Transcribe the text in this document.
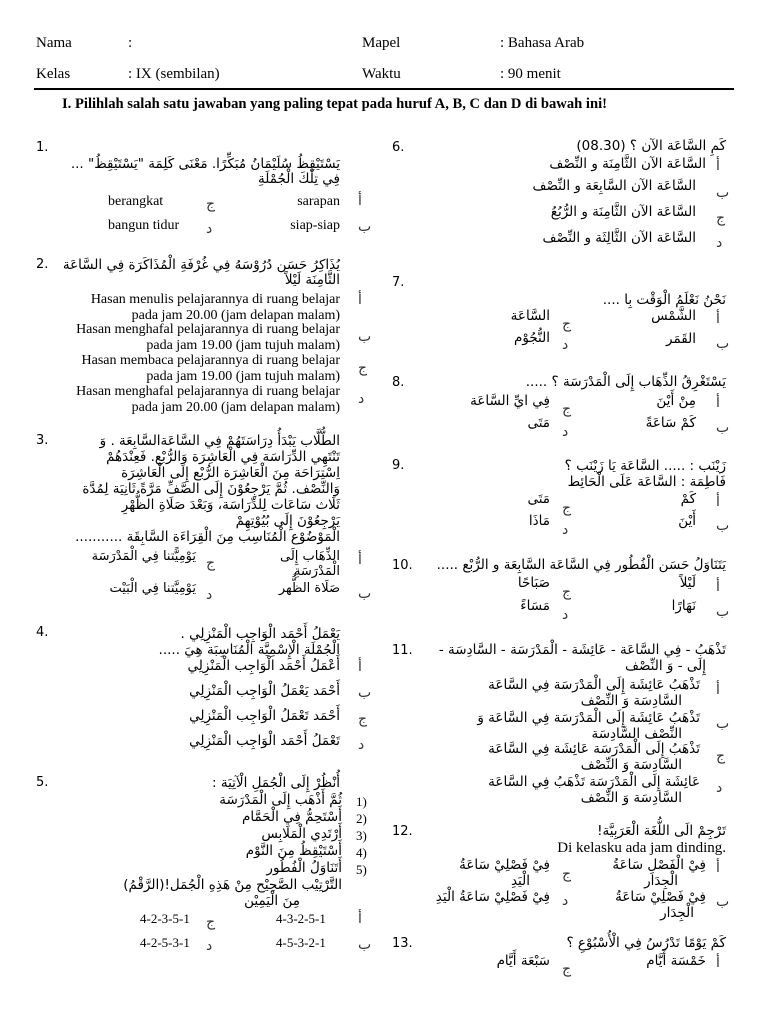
Nama	:	Mapel	: Bahasa Arab
Kelas	: IX (sembilan)	Waktu	: 90 menit
I. Pilihlah salah satu jawaban yang paling tepat pada huruf A, B, C dan D di bawah ini!
1.
يَسْتَيْقِظُ سُلَيْمَانُ مُبَكِّرًا. مَعْنَى كَلِمَة "يَسْتَيْقِظُ" ... فِي تِلْكَ الْجُمْلَةِ
أ
sarapan
ج
berangkat
ب
siap-siap
د
bangun tidur
2. يُذَاكِرُ حَسَن دُرُوْسَهُ فِي غُرْفَةِ الْمُذَاكَرَة فِي السَّاعَة الثَّامِنَة لَيْلاً
أ
Hasan menulis pelajarannya di ruang belajar
pada jam 20.00 (jam delapan malam)
ب
Hasan menghafal pelajarannya di ruang belajar
pada jam 19.00 (jam tujuh malam)
ج
Hasan membaca pelajarannya di ruang belajar
pada jam 19.00 (jam tujuh malam)
د
Hasan menghafal pelajarannya di ruang belajar
pada jam 20.00 (jam delapan malam)
3.	الطُّلَّاب يَبْدَأُ دِرَاسَتَهُمْ فِي السَّاعَةالسَّابِعَة . وَ
تَنْتَهِي الدِّرَاسَة فِي الْعَاشِرَة وَالرُّبْع. فَعِنْدَهُمْ
اِسْتِرَاحَة مِنَ الْعَاشِرَة الرُّبْع إِلَى الْعَاشِرَة
وَالنِّصْف. ثُمَّ يَرْجِعُوْنَ إِلَى الصَّفِّ مَرَّةً ثَانِيَة لِمُدَّة
ثَلَاث سَاعَات لِلدِّرَاسَة، وَبَعْدَ صَلَاةِ الظُّهْرِ
يَرْجِعُوْنَ إِلَى بُيُوْتِهِمْ
الْمَوْضُوْع الْمُنَاسِب مِنَ الْقِرَاءَة السَّابِقَة ...........
أ
الذِّهَاب إِلَى الْمَدْرَسَةِ
ج
يَوْمِيًّتنا فِي الْمَدْرَسَة
ب
صَلَاة الظُّهر
د
يَوْمِيَّتنا فِي الْبَيْت
4.	يَعْمَلُ أَحْمَد الْوَاجِب الْمَنْزِلِي .
الْجُمْلَة الْإِسْمِيَّة الْمُنَاسِبَة هِيَ .....
أ
أَعْمَلُ أَحْمَد الْوَاجِب الْمَنْزِلِي
ب
أَحْمَد يَعْمَلُ الْوَاجِب الْمَنْزِلِي
ج
أَحْمَد تَعْمَلُ الْوَاجِب الْمَنْزِلِي
د
تَعْمَلُ أَحْمَد الْوَاجِب الْمَنْزِلِي
5.	أُنْظُرْ إِلَى الْجُمَلِ الْآتِيَة :
1)
ثُمَّ أَذْهَب إِلَى الْمَدْرَسَة
2)
أَسْتَحِمُّ فِي الْحَمَّام
3)
أَرْتَدِي الْمَلَابِس
4)
أَسْتَيْقِظُ مِنَ النَّوْم
5)
أَتَنَاوَلُ الْفُطُور
التَّرْتِيْب الصَّحِيْح مِنْ هَذِهِ الْجُمَل!(الرَّقْمُ)
مِنَ الْيَمِيْن
أ
4-3-2-5-1
ج
4-2-3-5-1
ب
4-5-3-2-1
د
4-2-5-3-1
6.	كَمِ السَّاعَة الآن ؟ (08.30)
أ
السَّاعَة الآن الثَّامِنَة و النِّصْف
ب
السَّاعَة الآن السَّابِعَة و النِّصْف
ج
السَّاعَة الآن الثَّامِنَة و الرُّبُعُ
د
السَّاعَة الآن الثَّالِثَة و النِّصْف
7.
نَحْنُ نَعْلَمُ الْوَقْت بِا ....
أ
الشَّمْس
ج
السَّاعَة
ب
القَمَر
د
النُّجُوْم
8.	يَسْتَغْرِقُ الذِّهَاب إِلَى الْمَدْرَسَة ؟ .....
أ
مِنْ أَيْنَ
ج
فِي ايِّ السَّاعَة
ب
كَمْ سَاعَةً
د
مَتَى
9.	زَيْنَب : ..... السَّاعَة يَا زَيْنَب ؟
فَاطِمَة : السَّاعَة عَلَى الْحَائِط
أ
كَمْ
ج
مَتَى
ب
أَيْنَ
د
مَاذَا
10.	يَتَنَاوَلُ حَسَن الْفُطُور فِي السَّاعَة السَّابِعَة و الرُّبْع .....
أ
لَيْلاً
ج
صَبَاحًا
ب
نَهَارًا
د
مَسَاءً
11.	تَذْهَبُ - فِي السَّاعَة - عَائِشَة - الْمَدْرَسَة - السَّادِسَة -
إِلَى - وَ النِّصْف
أ
تَذْهَبُ عَائِشَة إِلَى الْمَدْرَسَة فِي السَّاعَة
السَّادِسَة وَ النِّصْف
ب
تَذْهَبُ عَائِشَة إِلَى الْمَدْرَسَة فِي السَّاعَة وَ
النِّصْف السَّادِسَة
ج
تَذْهَبُ إِلَى الْمَدْرَسَة عَائِشَة فِي السَّاعَة
السَّادِسَة وَ النِّصْف
د
عَائِشَة إِلَى الْمَدْرَسَة تَذْهَبُ فِي السَّاعَة
السَّادِسَة وَ النِّصْف
12.	تَرْجِمْ الَى اللُّغَة الْعَرَبِيَّة!
Di kelasku ada jam dinding.
أ
فِيْ الْفَصْلِ سَاعَةُ
الْجِدَار
ج
فِيْ فَصْلِيْ سَاعَةُ
الْيَدِ
ب
فِيْ فَصْلِيْ سَاعَةُ
الْجِدَار
د
فِيْ فَصْلِيْ سَاعَةُ الْيَدِ
13.	كَمْ يَوْمًا تَدْرُسُ فِي الْأُسْبُوْعِ ؟
أ
خَمْسَة أَيَّام
ج
سَبْعَة أَيَّام
